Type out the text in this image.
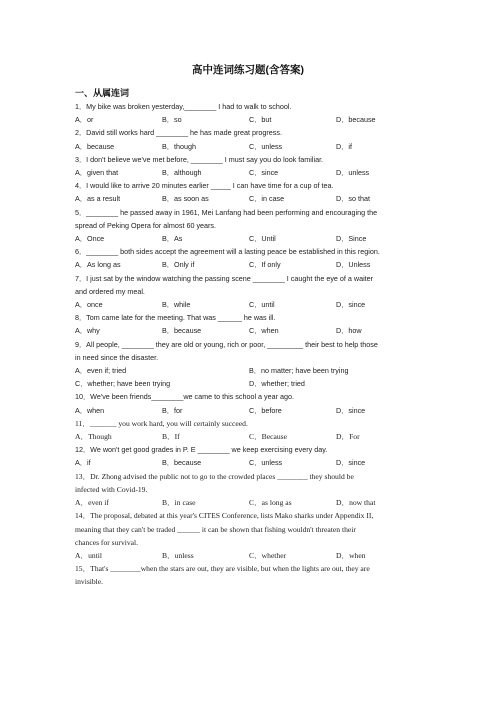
高中连词练习题(含答案)
一、从属连词
1．My bike was broken yesterday,________ I had to walk to school.
A．or	B．so	C．but	D．because
2．David still works hard ________ he has made great progress.
A．because	B．though	C．unless	D．if
3．I don't believe we've met before, ________ I must say you do look familiar.
A．given that	B．although	C．since	D．unless
4．I would like to arrive 20 minutes earlier _____ I can have time for a cup of tea.
A．as a result	B．as soon as	C．in case	D．so that
5．________ he passed away in 1961, Mei Lanfang had been performing and encouraging the
spread of Peking Opera for almost 60 years.
A．Once	B．As	C．Until	D．Since
6．________ both sides accept the agreement will a lasting peace be established in this region.
A．As long as	B．Only if	C．If only	D．Unless
7．I just sat by the window watching the passing scene ________ I caught the eye of a waiter
and ordered my meal.
A．once	B．while	C．until	D．since
8．Tom came late for the meeting. That was ______ he was ill.
A．why	B．because	C．when	D．how
9．All people, ________ they are old or young, rich or poor, _________ their best to help those
in need since the disaster.
A．even if; tried	B．no matter; have been trying
C．whether; have been trying	D．whether; tried
10．We've been friends________we came to this school a year ago.
A．when	B．for	C．before	D．since
11．_______ you work hard, you will certainly succeed.
A．Though	B．If	C．Because	D．For
12．We won't get good grades in P. E ________ we keep exercising every day.
A．if	B．because	C．unless	D．since
13．Dr. Zhong advised the public not to go to the crowded places ________ they should be
infected with Covid-19.
A．even if	B．in case	C．as long as	D．now that
14．The proposal, debated at this year's CITES Conference, lists Mako sharks under Appendix II,
meaning that they can't be traded ______ it can be shown that fishing wouldn't threaten their
chances for survival.
A．until	B．unless	C．whether	D．when
15．That's ________when the stars are out, they are visible, but when the lights are out, they are
invisible.
